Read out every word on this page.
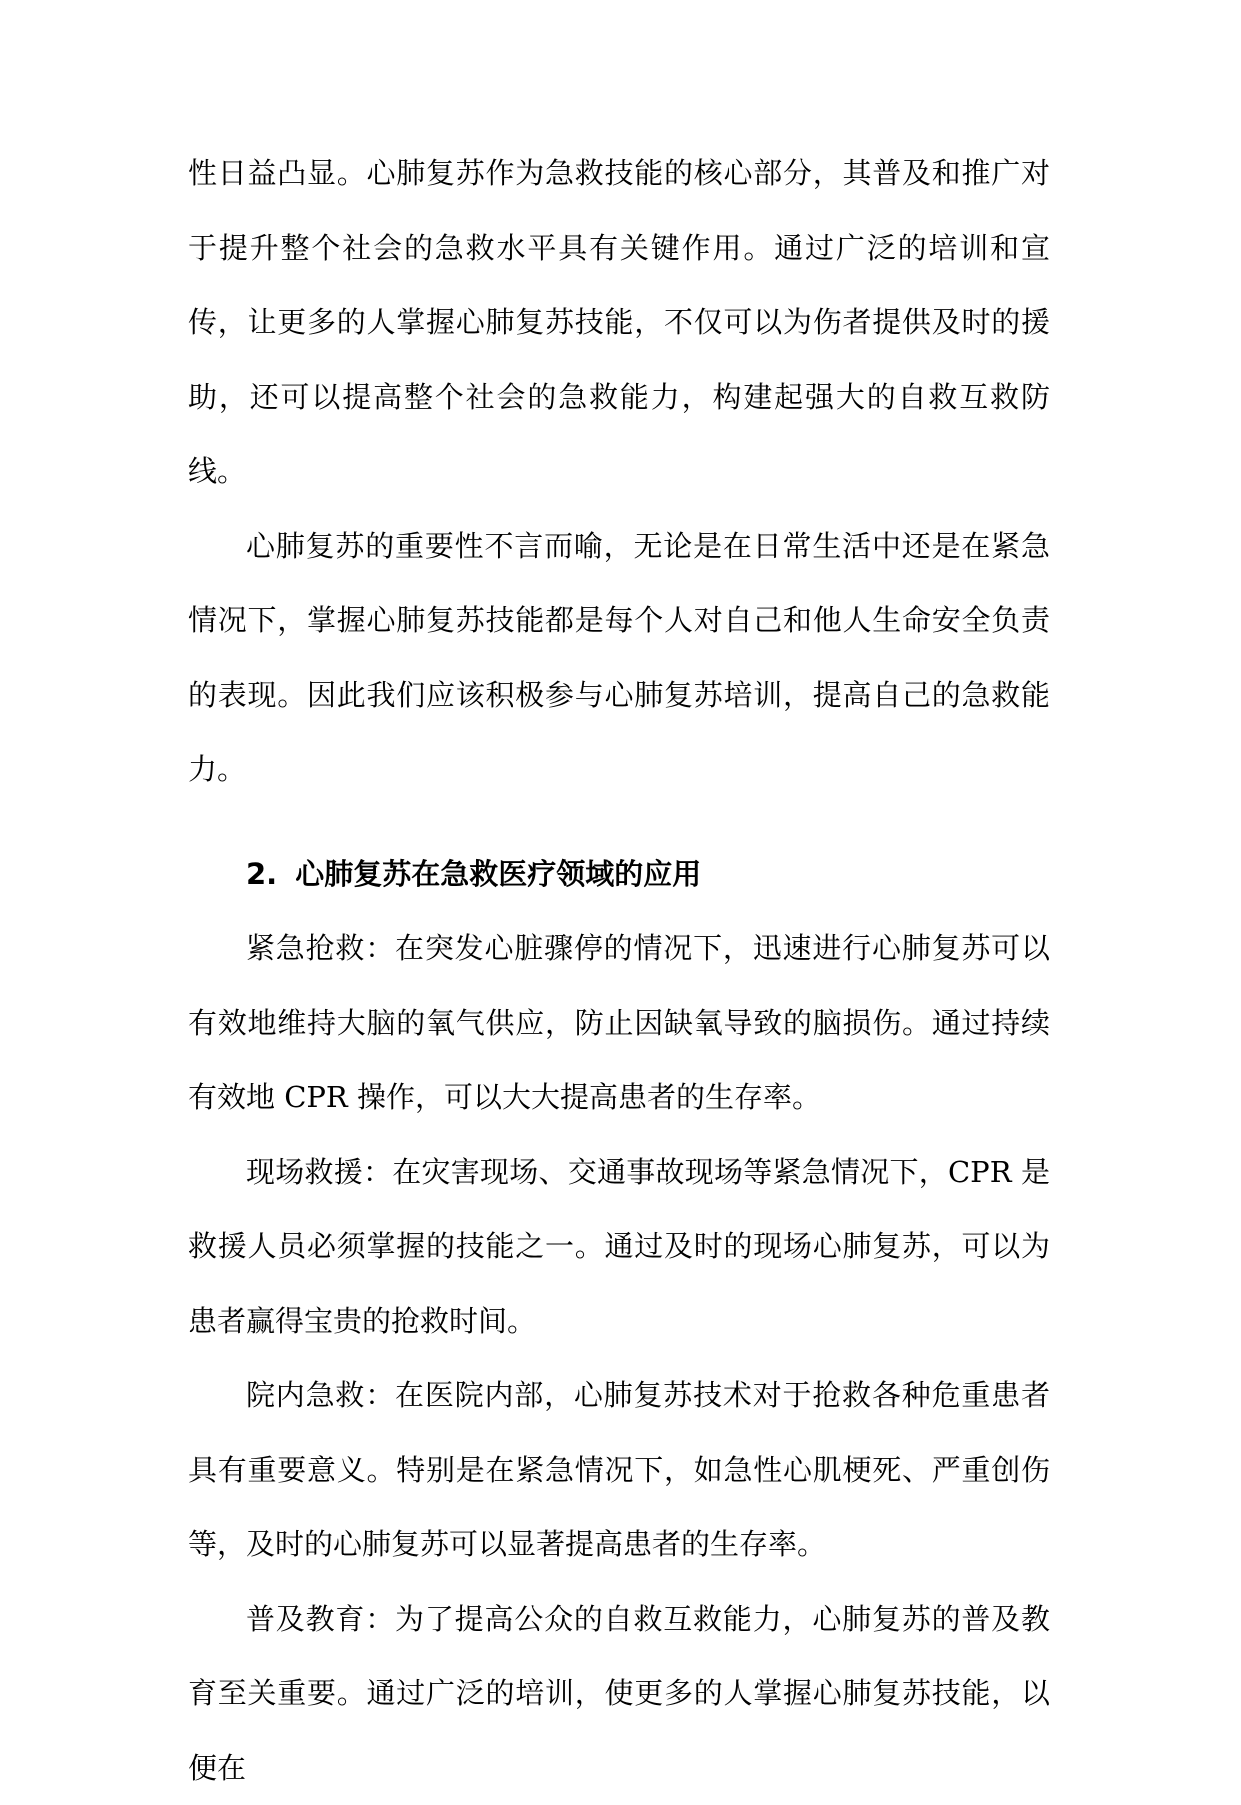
性日益凸显。心肺复苏作为急救技能的核心部分，其普及和推广对于提升整个社会的急救水平具有关键作用。通过广泛的培训和宣传，让更多的人掌握心肺复苏技能，不仅可以为伤者提供及时的援助，还可以提高整个社会的急救能力，构建起强大的自救互救防线。

心肺复苏的重要性不言而喻，无论是在日常生活中还是在紧急情况下，掌握心肺复苏技能都是每个人对自己和他人生命安全负责的表现。因此我们应该积极参与心肺复苏培训，提高自己的急救能力。

2. 心肺复苏在急救医疗领域的应用

紧急抢救：在突发心脏骤停的情况下，迅速进行心肺复苏可以有效地维持大脑的氧气供应，防止因缺氧导致的脑损伤。通过持续有效地 CPR 操作，可以大大提高患者的生存率。

现场救援：在灾害现场、交通事故现场等紧急情况下，CPR 是救援人员必须掌握的技能之一。通过及时的现场心肺复苏，可以为患者赢得宝贵的抢救时间。

院内急救：在医院内部，心肺复苏技术对于抢救各种危重患者具有重要意义。特别是在紧急情况下，如急性心肌梗死、严重创伤等，及时的心肺复苏可以显著提高患者的生存率。

普及教育：为了提高公众的自救互救能力，心肺复苏的普及教育至关重要。通过广泛的培训，使更多的人掌握心肺复苏技能，以便在
